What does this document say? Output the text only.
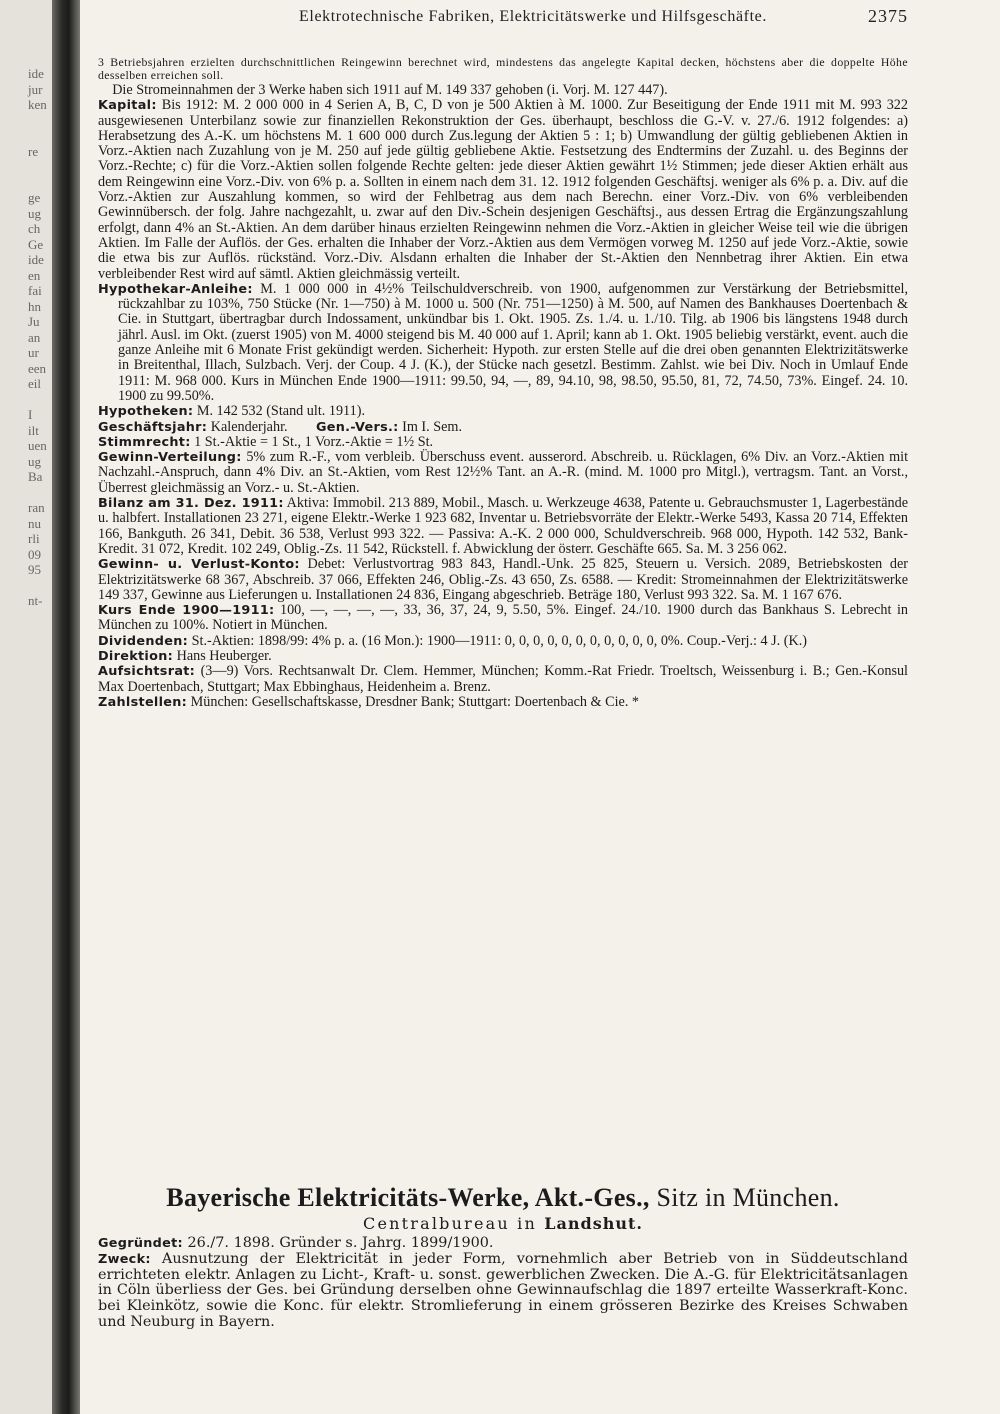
ide
jur
ken
re
ge
ug
ch
Ge
ide
en
fai
hn
Ju
an
ur
een
eil
I
ilt
uen
ug
Ba
ran
nu
rli
09
95
nt-
Elektrotechnische Fabriken, Elektricitätswerke und Hilfsgeschäfte.	2375

3 Betriebsjahren erzielten durchschnittlichen Reingewinn berechnet wird, mindestens das angelegte Kapital decken, höchstens aber die doppelte Höhe desselben erreichen soll.

Die Stromeinnahmen der 3 Werke haben sich 1911 auf M. 149 337 gehoben (i. Vorj. M. 127 447).

Kapital: Bis 1912: M. 2 000 000 in 4 Serien A, B, C, D von je 500 Aktien à M. 1000. Zur Beseitigung der Ende 1911 mit M. 993 322 ausgewiesenen Unterbilanz sowie zur finanziellen Rekonstruktion der Ges. überhaupt, beschloss die G.-V. v. 27./6. 1912 folgendes: a) Herabsetzung des A.-K. um höchstens M. 1 600 000 durch Zus.legung der Aktien 5 : 1; b) Umwandlung der gültig gebliebenen Aktien in Vorz.-Aktien nach Zuzahlung von je M. 250 auf jede gültig gebliebene Aktie. Festsetzung des Endtermins der Zuzahl. u. des Beginns der Vorz.-Rechte; c) für die Vorz.-Aktien sollen folgende Rechte gelten: jede dieser Aktien gewährt 1½ Stimmen; jede dieser Aktien erhält aus dem Reingewinn eine Vorz.-Div. von 6% p. a. Sollten in einem nach dem 31. 12. 1912 folgenden Geschäftsj. weniger als 6% p. a. Div. auf die Vorz.-Aktien zur Auszahlung kommen, so wird der Fehlbetrag aus dem nach Berechn. einer Vorz.-Div. von 6% verbleibenden Gewinnübersch. der folg. Jahre nachgezahlt, u. zwar auf den Div.-Schein desjenigen Geschäftsj., aus dessen Ertrag die Ergänzungszahlung erfolgt, dann 4% an St.-Aktien. An dem darüber hinaus erzielten Reingewinn nehmen die Vorz.-Aktien in gleicher Weise teil wie die übrigen Aktien. Im Falle der Auflös. der Ges. erhalten die Inhaber der Vorz.-Aktien aus dem Vermögen vorweg M. 1250 auf jede Vorz.-Aktie, sowie die etwa bis zur Auflös. rückständ. Vorz.-Div. Alsdann erhalten die Inhaber der St.-Aktien den Nennbetrag ihrer Aktien. Ein etwa verbleibender Rest wird auf sämtl. Aktien gleichmässig verteilt.

Hypothekar-Anleihe: M. 1 000 000 in 4½% Teilschuldverschreib. von 1900, aufgenommen zur Verstärkung der Betriebsmittel, rückzahlbar zu 103%, 750 Stücke (Nr. 1—750) à M. 1000 u. 500 (Nr. 751—1250) à M. 500, auf Namen des Bankhauses Doertenbach & Cie. in Stuttgart, übertragbar durch Indossament, unkündbar bis 1. Okt. 1905. Zs. 1./4. u. 1./10. Tilg. ab 1906 bis längstens 1948 durch jährl. Ausl. im Okt. (zuerst 1905) von M. 4000 steigend bis M. 40 000 auf 1. April; kann ab 1. Okt. 1905 beliebig verstärkt, event. auch die ganze Anleihe mit 6 Monate Frist gekündigt werden. Sicherheit: Hypoth. zur ersten Stelle auf die drei oben genannten Elektrizitätswerke in Breitenthal, Illach, Sulzbach. Verj. der Coup. 4 J. (K.), der Stücke nach gesetzl. Bestimm. Zahlst. wie bei Div. Noch in Umlauf Ende 1911: M. 968 000. Kurs in München Ende 1900—1911: 99.50, 94, —, 89, 94.10, 98, 98.50, 95.50, 81, 72, 74.50, 73%. Eingef. 24. 10. 1900 zu 99.50%.

Hypotheken: M. 142 532 (Stand ult. 1911).

Geschäftsjahr: Kalenderjahr. Gen.-Vers.: Im I. Sem.

Stimmrecht: 1 St.-Aktie = 1 St., 1 Vorz.-Aktie = 1½ St.

Gewinn-Verteilung: 5% zum R.-F., vom verbleib. Überschuss event. ausserord. Abschreib. u. Rücklagen, 6% Div. an Vorz.-Aktien mit Nachzahl.-Anspruch, dann 4% Div. an St.-Aktien, vom Rest 12½% Tant. an A.-R. (mind. M. 1000 pro Mitgl.), vertragsm. Tant. an Vorst., Überrest gleichmässig an Vorz.- u. St.-Aktien.

Bilanz am 31. Dez. 1911: Aktiva: Immobil. 213 889, Mobil., Masch. u. Werkzeuge 4638, Patente u. Gebrauchsmuster 1, Lagerbestände u. halbfert. Installationen 23 271, eigene Elektr.-Werke 1 923 682, Inventar u. Betriebsvorräte der Elektr.-Werke 5493, Kassa 20 714, Effekten 166, Bankguth. 26 341, Debit. 36 538, Verlust 993 322. — Passiva: A.-K. 2 000 000, Schuldverschreib. 968 000, Hypoth. 142 532, Bank-Kredit. 31 072, Kredit. 102 249, Oblig.-Zs. 11 542, Rückstell. f. Abwicklung der österr. Geschäfte 665. Sa. M. 3 256 062.

Gewinn- u. Verlust-Konto: Debet: Verlustvortrag 983 843, Handl.-Unk. 25 825, Steuern u. Versich. 2089, Betriebskosten der Elektrizitätswerke 68 367, Abschreib. 37 066, Effekten 246, Oblig.-Zs. 43 650, Zs. 6588. — Kredit: Stromeinnahmen der Elektrizitätswerke 149 337, Gewinne aus Lieferungen u. Installationen 24 836, Eingang abgeschrieb. Beträge 180, Verlust 993 322. Sa. M. 1 167 676.

Kurs Ende 1900—1911: 100, —, —, —, —, 33, 36, 37, 24, 9, 5.50, 5%. Eingef. 24./10. 1900 durch das Bankhaus S. Lebrecht in München zu 100%. Notiert in München.

Dividenden: St.-Aktien: 1898/99: 4% p. a. (16 Mon.): 1900—1911: 0, 0, 0, 0, 0, 0, 0, 0, 0, 0, 0, 0%. Coup.-Verj.: 4 J. (K.)

Direktion: Hans Heuberger.

Aufsichtsrat: (3—9) Vors. Rechtsanwalt Dr. Clem. Hemmer, München; Komm.-Rat Friedr. Troeltsch, Weissenburg i. B.; Gen.-Konsul Max Doertenbach, Stuttgart; Max Ebbinghaus, Heidenheim a. Brenz.

Zahlstellen: München: Gesellschaftskasse, Dresdner Bank; Stuttgart: Doertenbach & Cie. *

Bayerische Elektricitäts-Werke, Akt.-Ges., Sitz in München.
Centralbureau in Landshut.

Gegründet: 26./7. 1898. Gründer s. Jahrg. 1899/1900.

Zweck: Ausnutzung der Elektricität in jeder Form, vornehmlich aber Betrieb von in Süddeutschland errichteten elektr. Anlagen zu Licht-, Kraft- u. sonst. gewerblichen Zwecken. Die A.-G. für Elektricitätsanlagen in Cöln überliess der Ges. bei Gründung derselben ohne Gewinnaufschlag die 1897 erteilte Wasserkraft-Konc. bei Kleinkötz, sowie die Konc. für elektr. Stromlieferung in einem grösseren Bezirke des Kreises Schwaben und Neuburg in Bayern.
